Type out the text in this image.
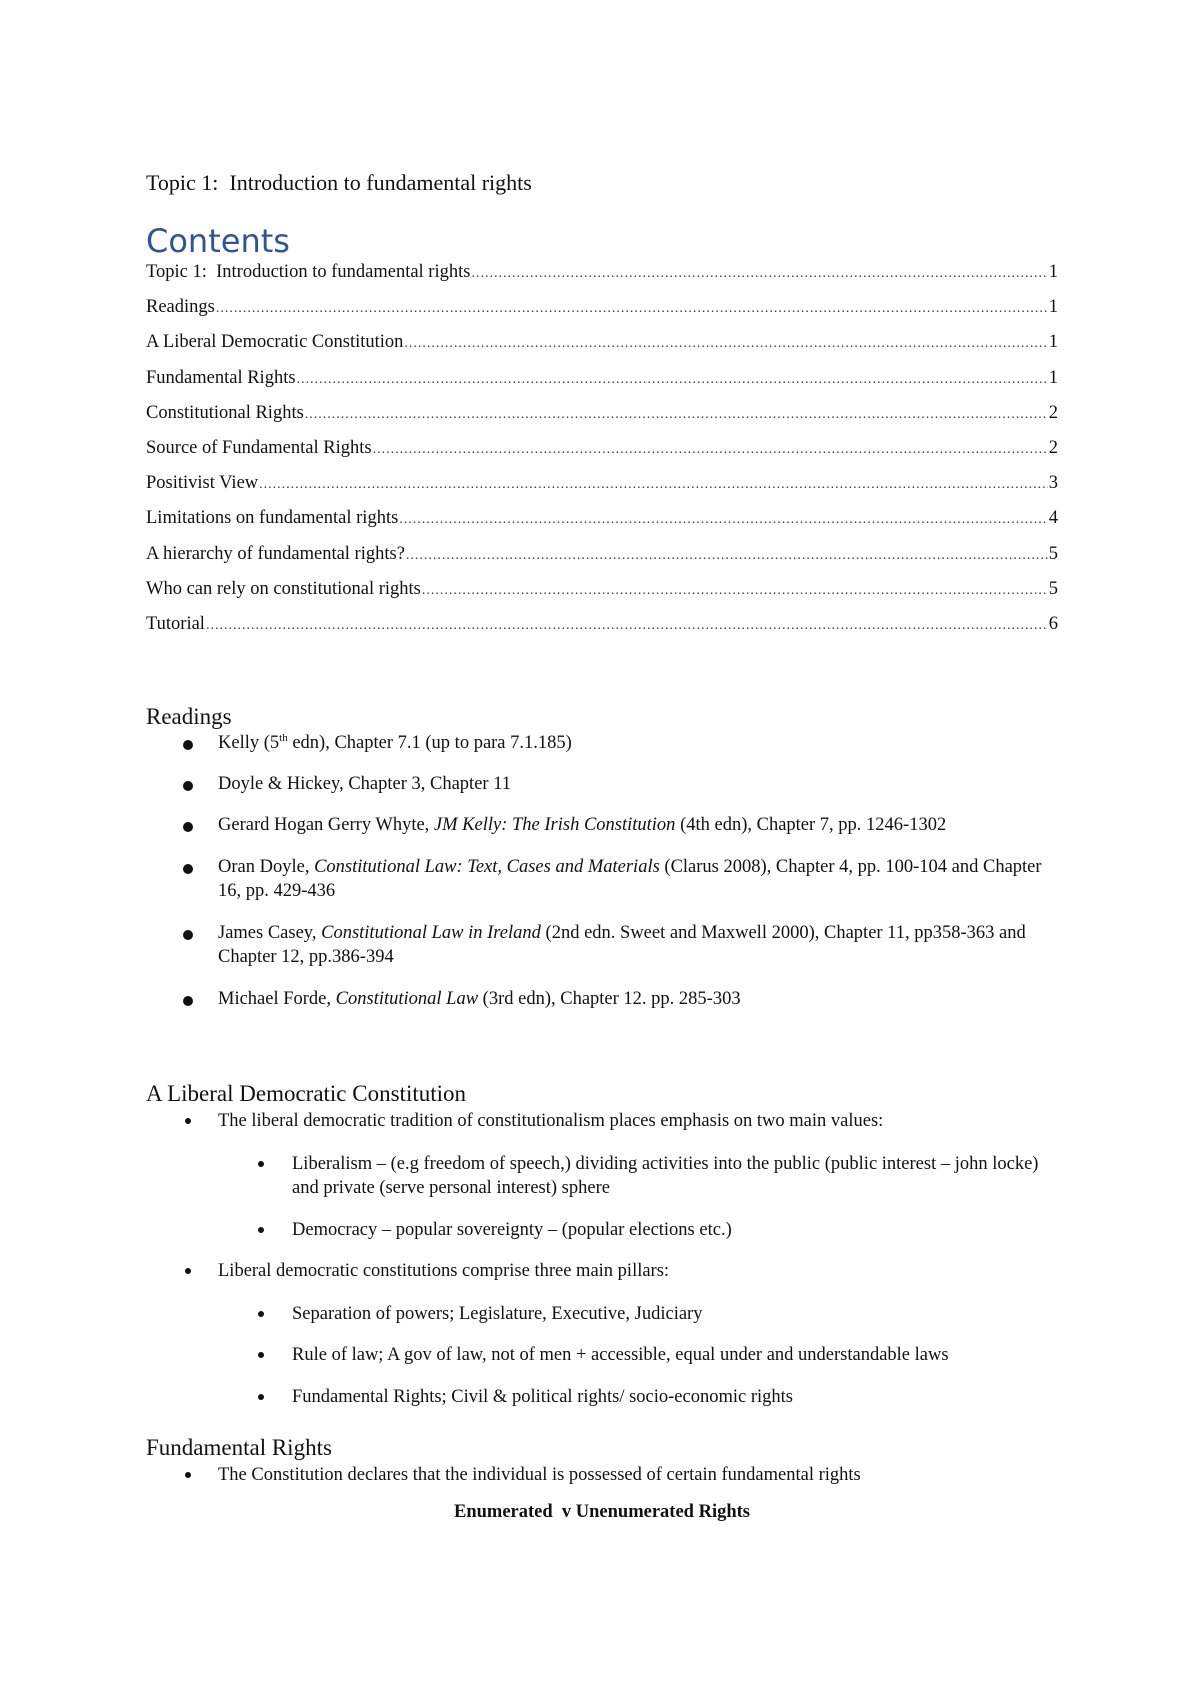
Topic 1:  Introduction to fundamental rights
Contents
Topic 1:  Introduction to fundamental rights .....	1
Readings .....	1
A Liberal Democratic Constitution .....	1
Fundamental Rights .....	1
Constitutional Rights .....	2
Source of Fundamental Rights .....	2
Positivist View .....	3
Limitations on fundamental rights .....	4
A hierarchy of fundamental rights? .....	5
Who can rely on constitutional rights .....	5
Tutorial .....	6
Readings
Kelly (5th edn), Chapter 7.1 (up to para 7.1.185)
Doyle & Hickey, Chapter 3, Chapter 11
Gerard Hogan Gerry Whyte, JM Kelly: The Irish Constitution (4th edn), Chapter 7, pp. 1246-1302
Oran Doyle, Constitutional Law: Text, Cases and Materials (Clarus 2008), Chapter 4, pp. 100-104 and Chapter 16, pp. 429-436
James Casey, Constitutional Law in Ireland (2nd edn. Sweet and Maxwell 2000), Chapter 11, pp358-363 and Chapter 12, pp.386-394
Michael Forde, Constitutional Law (3rd edn), Chapter 12. pp. 285-303
A Liberal Democratic Constitution
The liberal democratic tradition of constitutionalism places emphasis on two main values:
Liberalism – (e.g freedom of speech,) dividing activities into the public (public interest – john locke) and private (serve personal interest) sphere
Democracy – popular sovereignty – (popular elections etc.)
Liberal democratic constitutions comprise three main pillars:
Separation of powers; Legislature, Executive, Judiciary
Rule of law; A gov of law, not of men + accessible, equal under and understandable laws
Fundamental Rights; Civil & political rights/ socio-economic rights
Fundamental Rights
The Constitution declares that the individual is possessed of certain fundamental rights
Enumerated  v Unenumerated Rights
